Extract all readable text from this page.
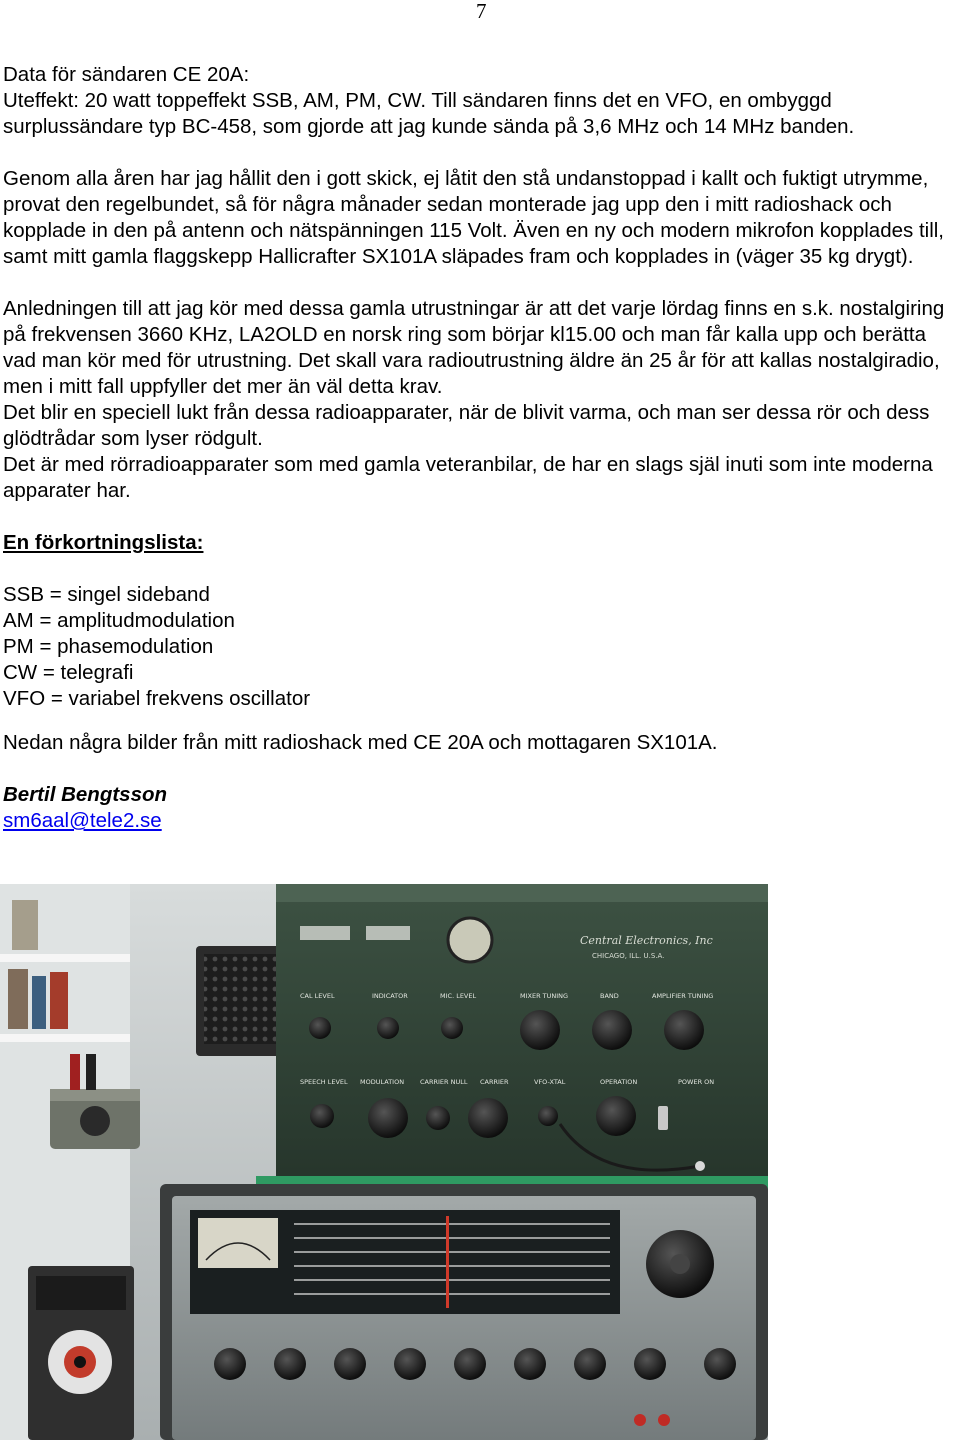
7

Data för sändaren CE 20A:

Uteffekt: 20 watt toppeffekt SSB, AM, PM, CW. Till sändaren finns det en VFO, en ombyggd surplussändare typ BC-458, som gjorde att jag kunde sända på 3,6 MHz och 14 MHz banden.

Genom alla åren har jag hållit den i gott skick, ej låtit den stå undanstoppad i kallt och fuktigt utrymme, provat den regelbundet, så för några månader sedan monterade jag upp den i mitt radioshack och kopplade in den på antenn och nätspänningen 115 Volt. Även en ny och modern mikrofon kopplades till, samt mitt gamla flaggskepp Hallicrafter SX101A släpades fram och kopplades in (väger 35 kg drygt).

Anledningen till att jag kör med dessa gamla utrustningar är att det varje lördag finns en s.k. nostalgiring på frekvensen 3660 KHz, LA2OLD en norsk ring som börjar kl15.00 och man får kalla upp och berätta vad man kör med för utrustning. Det skall vara radioutrustning äldre än 25 år för att kallas nostalgiradio, men i mitt fall uppfyller det mer än väl detta krav.

Det blir en speciell lukt från dessa radioapparater, när de blivit varma, och man ser dessa rör och dess glödtrådar som lyser rödgult.

Det är med rörradioapparater som med gamla veteranbilar, de har en slags själ inuti som inte moderna apparater har.

En förkortningslista:

SSB = singel sideband

AM = amplitudmodulation

PM = phasemodulation

CW = telegrafi

VFO = variabel frekvens oscillator

Nedan några bilder från mitt radioshack med CE 20A och mottagaren SX101A.

Bertil Bengtsson

sm6aal@tele2.se

Central Electronics, Inc
CHICAGO, ILL. U.S.A.
CAL LEVEL	INDICATOR	MIC. LEVEL	MIXER TUNING	BAND	AMPLIFIER TUNING
SPEECH LEVEL MODULATION CARRIER NULL CARRIER	VFO-XTAL	OPERATION	POWER ON
